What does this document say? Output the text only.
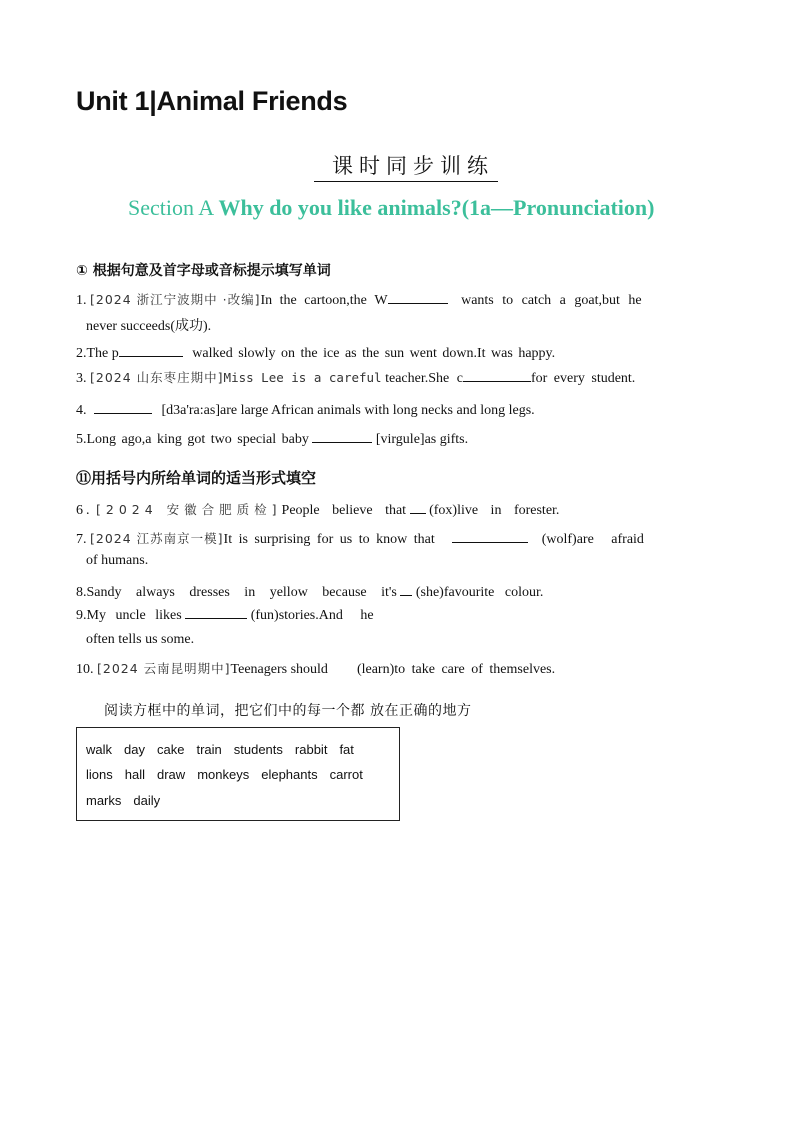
Unit 1|Animal Friends
课时同步训练
Section A Why do you like animals?(1a—Pronunciation)
① 根据句意及首字母或音标提示填写单词
1. [2024 浙江宁波期中 ·改编]In the cartoon,the W	wants to catch a goat,but he
never succeeds(成功).
2.The p	walked slowly on the ice as the sun went down.It was happy.
3. [2024 山东枣庄期中]Miss Lee is a careful teacher.She c	for every student.
4.	[d3a'ra:as]are large African animals with long necks and long legs.
5.Long ago,a king got two special baby	[virgule]as gifts.
⑪用括号内所给单词的适当形式填空
6. [2024 安徽合肥质检]People believe that (fox)live in forester.
7. [2024 江苏南京一模]It is surprising for us to know that	(wolf)are afraid
of humans.
8.Sandy always dresses in yellow because it's (she)favourite colour.
9.My uncle likes	(fun)stories.And he
often tells us some.
10. [2024 云南昆明期中]Teenagers should (learn)to take care of themselves.
阅读方框中的单词，把它们中的每一个都 放在正确的地方
walk day cake train students rabbit fat
lions hall draw monkeys elephants carrot
marks daily
